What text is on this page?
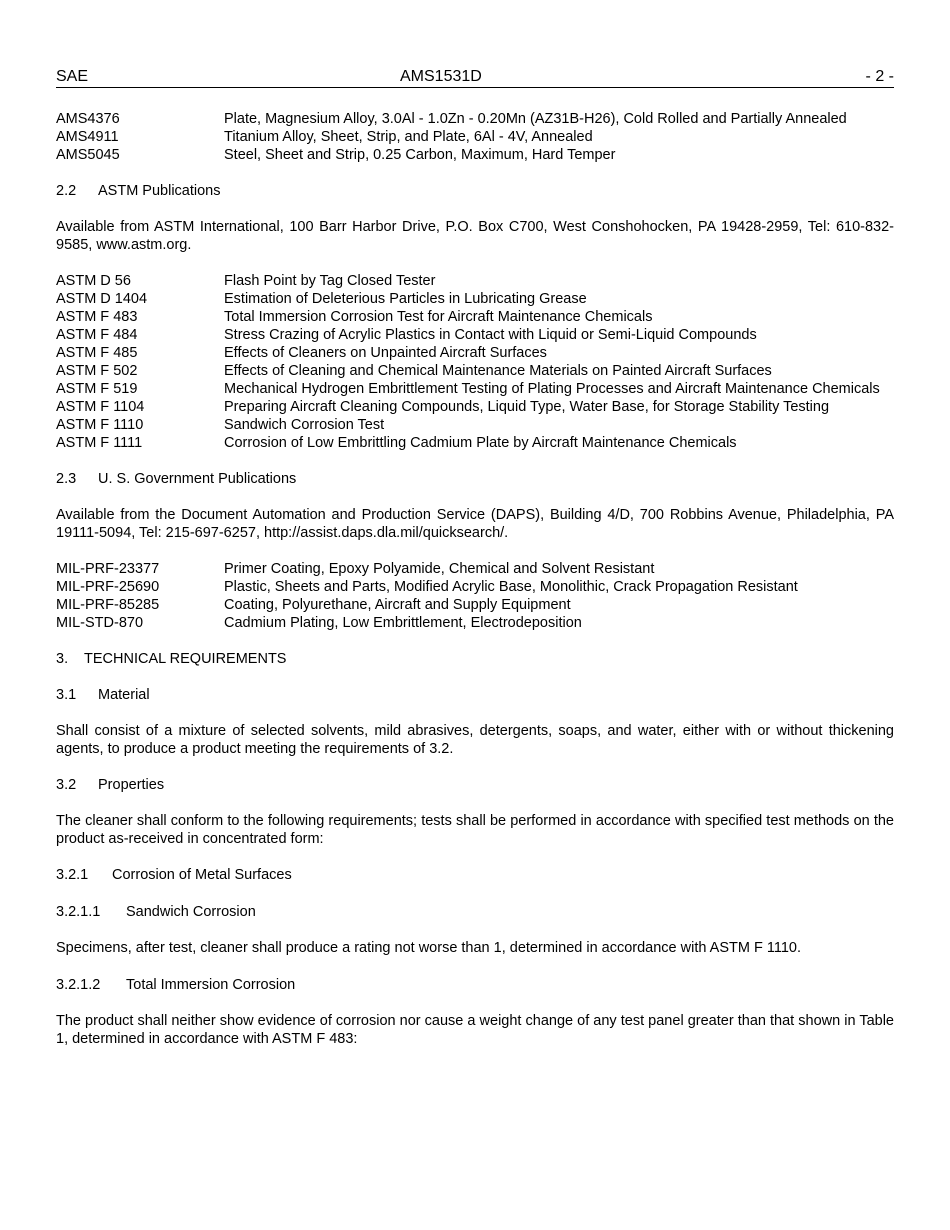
SAE	AMS1531D	- 2 -
AMS4376	Plate, Magnesium Alloy, 3.0Al - 1.0Zn - 0.20Mn (AZ31B-H26), Cold Rolled and Partially Annealed
AMS4911	Titanium Alloy, Sheet, Strip, and Plate, 6Al - 4V, Annealed
AMS5045	Steel, Sheet and Strip, 0.25 Carbon, Maximum, Hard Temper
2.2 ASTM Publications
Available from ASTM International, 100 Barr Harbor Drive, P.O. Box C700, West Conshohocken, PA 19428-2959, Tel: 610-832-9585, www.astm.org.
ASTM D 56	Flash Point by Tag Closed Tester
ASTM D 1404	Estimation of Deleterious Particles in Lubricating Grease
ASTM F 483	Total Immersion Corrosion Test for Aircraft Maintenance Chemicals
ASTM F 484	Stress Crazing of Acrylic Plastics in Contact with Liquid or Semi-Liquid Compounds
ASTM F 485	Effects of Cleaners on Unpainted Aircraft Surfaces
ASTM F 502	Effects of Cleaning and Chemical Maintenance Materials on Painted Aircraft Surfaces
ASTM F 519	Mechanical Hydrogen Embrittlement Testing of Plating Processes and Aircraft Maintenance Chemicals
ASTM F 1104	Preparing Aircraft Cleaning Compounds, Liquid Type, Water Base, for Storage Stability Testing
ASTM F 1110	Sandwich Corrosion Test
ASTM F 1111	Corrosion of Low Embrittling Cadmium Plate by Aircraft Maintenance Chemicals
2.3 U. S. Government Publications
Available from the Document Automation and Production Service (DAPS), Building 4/D, 700 Robbins Avenue, Philadelphia, PA 19111-5094, Tel: 215-697-6257, http://assist.daps.dla.mil/quicksearch/.
MIL-PRF-23377	Primer Coating, Epoxy Polyamide, Chemical and Solvent Resistant
MIL-PRF-25690	Plastic, Sheets and Parts, Modified Acrylic Base, Monolithic, Crack Propagation Resistant
MIL-PRF-85285	Coating, Polyurethane, Aircraft and Supply Equipment
MIL-STD-870	Cadmium Plating, Low Embrittlement, Electrodeposition
3. TECHNICAL REQUIREMENTS
3.1 Material
Shall consist of a mixture of selected solvents, mild abrasives, detergents, soaps, and water, either with or without thickening agents, to produce a product meeting the requirements of 3.2.
3.2 Properties
The cleaner shall conform to the following requirements; tests shall be performed in accordance with specified test methods on the product as-received in concentrated form:
3.2.1 Corrosion of Metal Surfaces
3.2.1.1 Sandwich Corrosion
Specimens, after test, cleaner shall produce a rating not worse than 1, determined in accordance with ASTM F 1110.
3.2.1.2 Total Immersion Corrosion
The product shall neither show evidence of corrosion nor cause a weight change of any test panel greater than that shown in Table 1, determined in accordance with ASTM F 483:
